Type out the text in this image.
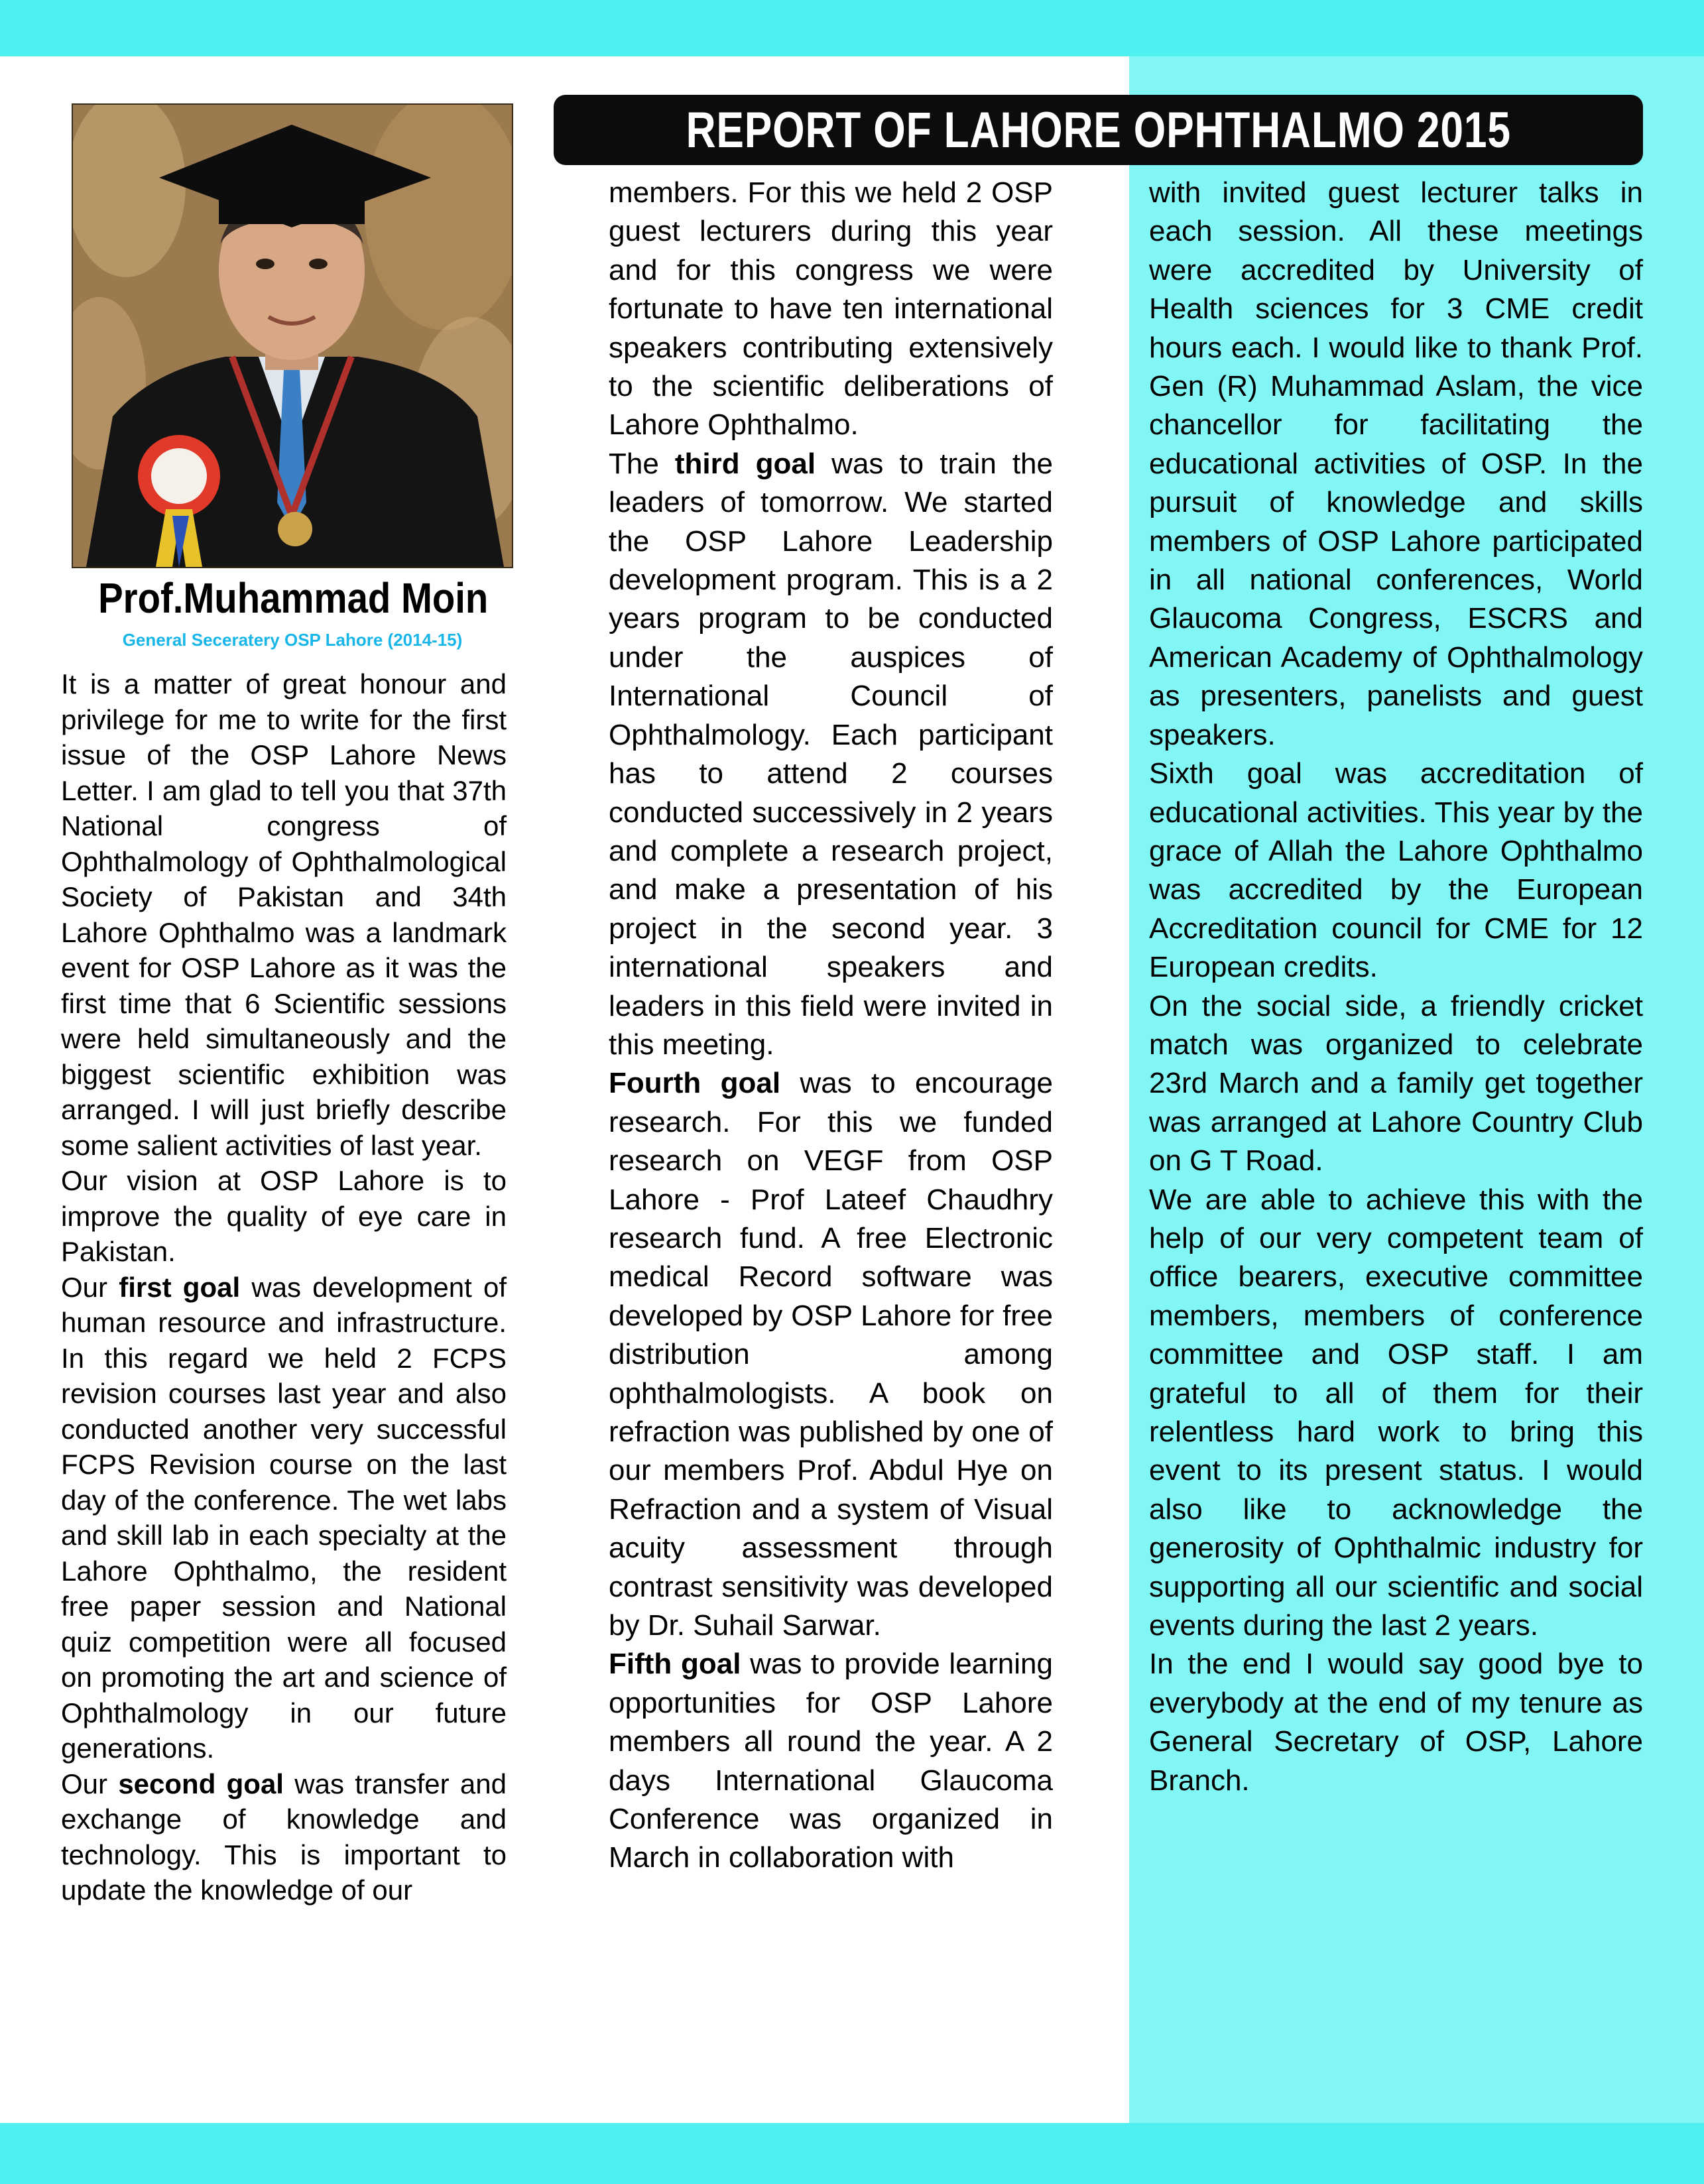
REPORT OF LAHORE OPHTHALMO 2015
Prof.Muhammad Moin
General Seceratery OSP Lahore (2014-15)

It is a matter of great honour and privilege for me to write for the first issue of the OSP Lahore News Letter. I am glad to tell you that 37th National congress of Ophthalmology of Ophthalmological Society of Pakistan and 34th Lahore Ophthalmo was a landmark event for OSP Lahore as it was the first time that 6 Scientific sessions were held simultaneously and the biggest scientific exhibition was arranged. I will just briefly describe some salient activities of last year.

Our vision at OSP Lahore is to improve the quality of eye care in Pakistan.

Our first goal was development of human resource and infrastructure. In this regard we held 2 FCPS revision courses last year and also conducted another very successful FCPS Revision course on the last day of the conference. The wet labs and skill lab in each specialty at the Lahore Ophthalmo, the resident free paper session and National quiz competition were all focused on promoting the art and science of Ophthalmology in our future generations.

Our second goal was transfer and exchange of knowledge and technology. This is important to update the knowledge of our

members. For this we held 2 OSP guest lecturers during this year and for this congress we were fortunate to have ten international speakers contributing extensively to the scientific deliberations of Lahore Ophthalmo.

The third goal was to train the leaders of tomorrow. We started the OSP Lahore Leadership development program. This is a 2 years program to be conducted under the auspices of International Council of Ophthalmology. Each participant has to attend 2 courses conducted successively in 2 years and complete a research project, and make a presentation of his project in the second year. 3 international speakers and leaders in this field were invited in this meeting.

Fourth goal was to encourage research. For this we funded research on VEGF from OSP Lahore - Prof Lateef Chaudhry research fund. A free Electronic medical Record software was developed by OSP Lahore for free distribution among ophthalmologists. A book on refraction was published by one of our members Prof. Abdul Hye on Refraction and a system of Visual acuity assessment through contrast sensitivity was developed by Dr. Suhail Sarwar.

Fifth goal was to provide learning opportunities for OSP Lahore members all round the year. A 2 days International Glaucoma Conference was organized in March in collaboration with

with invited guest lecturer talks in each session. All these meetings were accredited by University of Health sciences for 3 CME credit hours each. I would like to thank Prof. Gen (R) Muhammad Aslam, the vice chancellor for facilitating the educational activities of OSP. In the pursuit of knowledge and skills members of OSP Lahore participated in all national conferences, World Glaucoma Congress, ESCRS and American Academy of Ophthalmology as presenters, panelists and guest speakers.

Sixth goal was accreditation of educational activities. This year by the grace of Allah the Lahore Ophthalmo was accredited by the European Accreditation council for CME for 12 European credits.

On the social side, a friendly cricket match was organized to celebrate 23rd March and a family get together was arranged at Lahore Country Club on G T Road.

We are able to achieve this with the help of our very competent team of office bearers, executive committee members, members of conference committee and OSP staff. I am grateful to all of them for their relentless hard work to bring this event to its present status. I would also like to acknowledge the generosity of Ophthalmic industry for supporting all our scientific and social events during the last 2 years.

In the end I would say good bye to everybody at the end of my tenure as General Secretary of OSP, Lahore Branch.
